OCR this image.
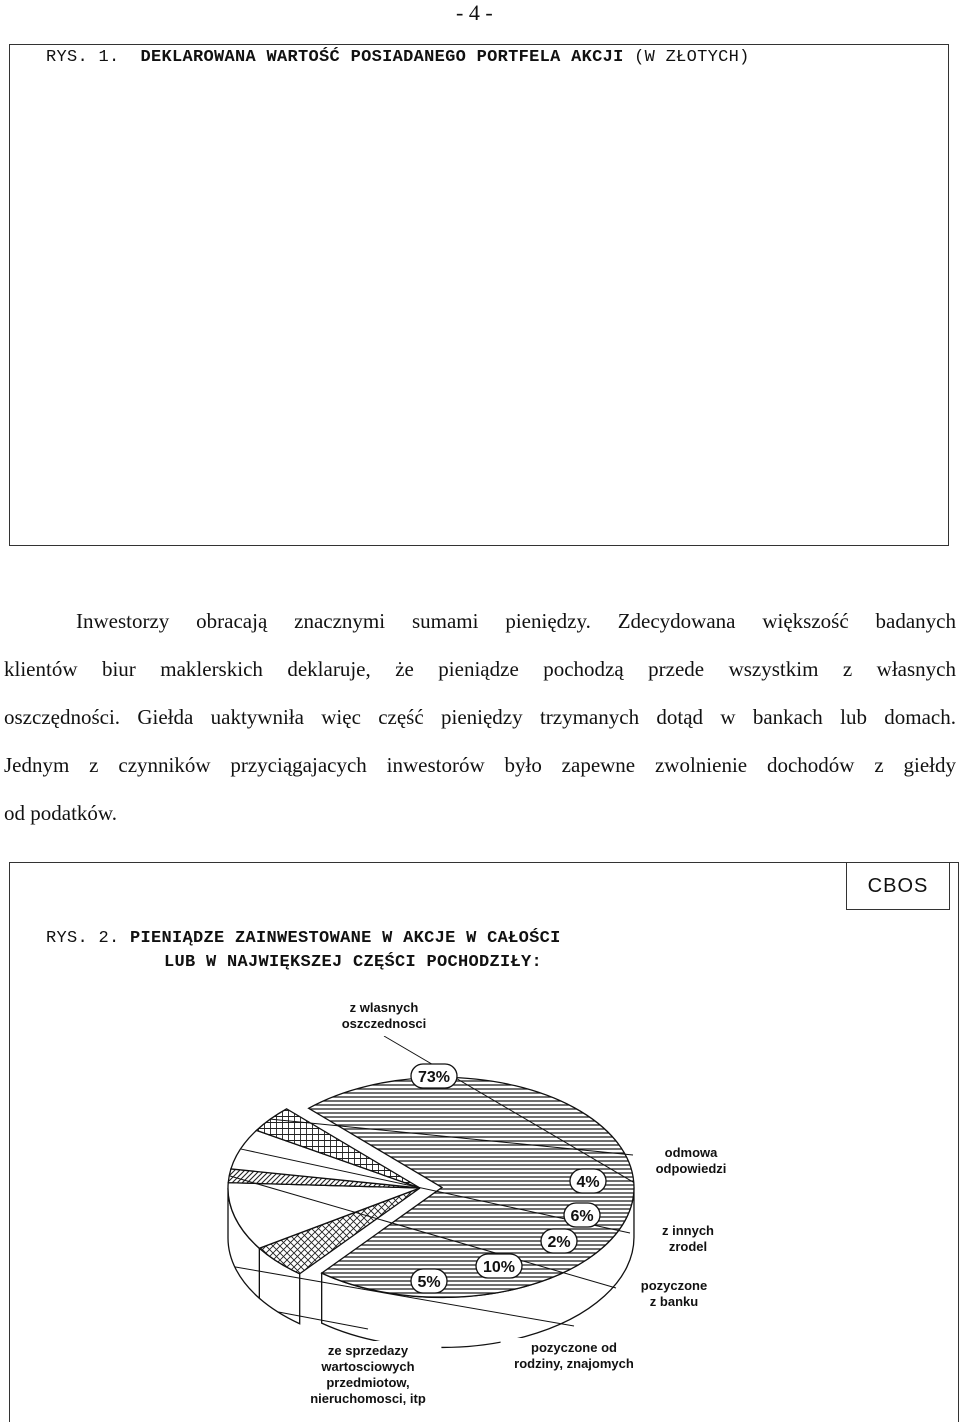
- 4 -
RYS. 1. DEKLAROWANA WARTOŚĆ POSIADANEGO PORTFELA AKCJI (W ZŁOTYCH)
Inwestorzy obracają znacznymi sumami pieniędzy. Zdecydowana większość badanych
klientów biur maklerskich deklaruje, że pieniądze pochodzą przede wszystkim z własnych
oszczędności. Giełda uaktywniła więc część pieniędzy trzymanych dotąd w bankach lub domach.
Jednym z czynników przyciągajacych inwestorów było zapewne zwolnienie dochodów z giełdy
od podatków.
CBOS
RYS. 2. PIENIĄDZE ZAINWESTOWANE W AKCJE W CAŁOŚCI
LUB W NAJWIĘKSZEJ CZĘŚCI POCHODZIŁY:
73%
z wlasnych
oszczednosci
5%
ze sprzedazy
wartosciowych
przedmiotow,
nieruchomosci, itp
10%
pozyczone od
rodziny, znajomych
2%
pozyczone
z banku
6%
z innych
zrodel
4%
odmowa
odpowiedzi
